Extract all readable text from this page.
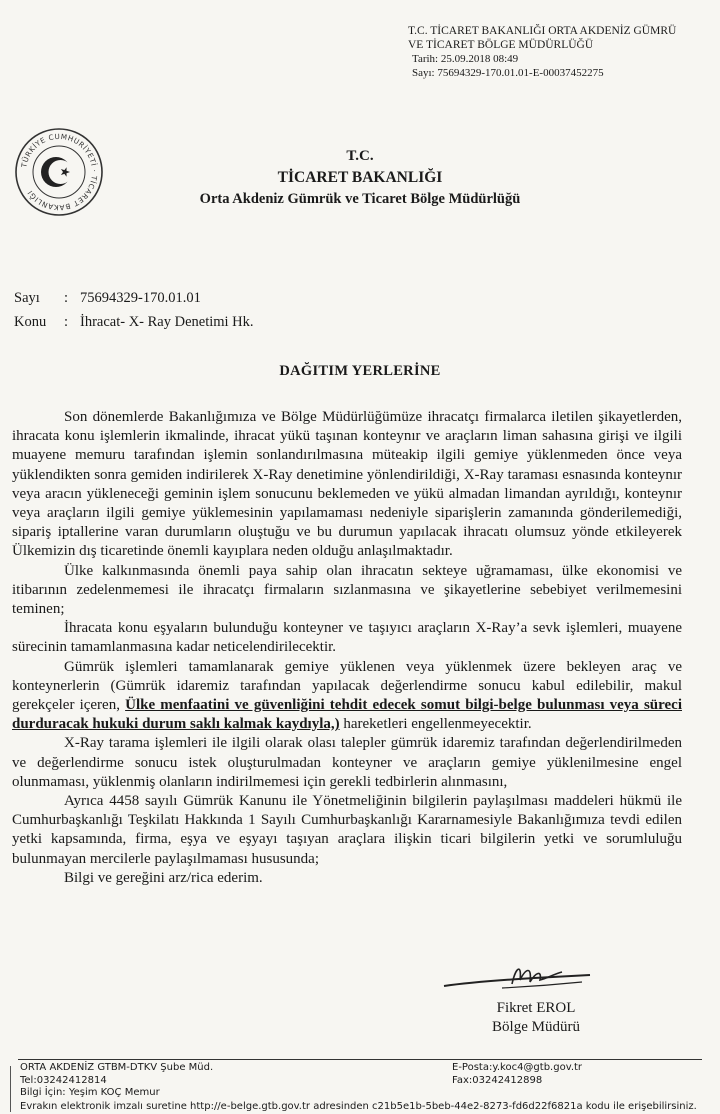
T.C. TİCARET BAKANLIĞI ORTA AKDENİZ GÜMRÜ
VE TİCARET BÖLGE MÜDÜRLÜĞÜ
Tarih: 25.09.2018 08:49
Sayı: 75694329-170.01.01-E-00037452275
TÜRKİYE CUMHURİYETİ · TİCARET BAKANLIĞI
T.C.
TİCARET BAKANLIĞI
Orta Akdeniz Gümrük ve Ticaret Bölge Müdürlüğü
Sayı	: 75694329-170.01.01
Konu	: İhracat- X- Ray Denetimi Hk.
DAĞITIM YERLERİNE

Son dönemlerde Bakanlığımıza ve Bölge Müdürlüğümüze ihracatçı firmalarca iletilen şikayetlerden, ihracata konu işlemlerin ikmalinde, ihracat yükü taşınan konteynır ve araçların liman sahasına girişi ve ilgili muayene memuru tarafından işlemin sonlandırılmasına müteakip ilgili gemiye yüklenmeden önce veya yüklendikten sonra gemiden indirilerek X-Ray denetimine yönlendirildiği, X-Ray taraması esnasında konteynır veya aracın yükleneceği geminin işlem sonucunu beklemeden ve yükü almadan limandan ayrıldığı, konteynır veya araçların ilgili gemiye yüklemesinin yapılamaması nedeniyle siparişlerin zamanında gönderilemediği, sipariş iptallerine varan durumların oluştuğu ve bu durumun yapılacak ihracatı olumsuz yönde etkileyerek Ülkemizin dış ticaretinde önemli kayıplara neden olduğu anlaşılmaktadır.

Ülke kalkınmasında önemli paya sahip olan ihracatın sekteye uğramaması, ülke ekonomisi ve itibarının zedelenmemesi ile ihracatçı firmaların sızlanmasına ve şikayetlerine sebebiyet verilmemesini teminen;

İhracata konu eşyaların bulunduğu konteyner ve taşıyıcı araçların X-Ray’a sevk işlemleri, muayene sürecinin tamamlanmasına kadar neticelendirilecektir.

Gümrük işlemleri tamamlanarak gemiye yüklenen veya yüklenmek üzere bekleyen araç ve konteynerlerin (Gümrük idaremiz tarafından yapılacak değerlendirme sonucu kabul edilebilir, makul gerekçeler içeren, Ülke menfaatini ve güvenliğini tehdit edecek somut bilgi-belge bulunması veya süreci durduracak hukuki durum saklı kalmak kaydıyla,) hareketleri engellenmeyecektir.

X-Ray tarama işlemleri ile ilgili olarak olası talepler gümrük idaremiz tarafından değerlendirilmeden ve değerlendirme sonucu istek oluşturulmadan konteyner ve araçların gemiye yüklenilmesine engel olunmaması, yüklenmiş olanların indirilmemesi için gerekli tedbirlerin alınmasını,

Ayrıca 4458 sayılı Gümrük Kanunu ile Yönetmeliğinin bilgilerin paylaşılması maddeleri hükmü ile Cumhurbaşkanlığı Teşkilatı Hakkında 1 Sayılı Cumhurbaşkanlığı Kararnamesiyle Bakanlığımıza tevdi edilen yetki kapsamında, firma, eşya ve eşyayı taşıyan araçlara ilişkin ticari bilgilerin yetki ve sorumluluğu bulunmayan mercilerle paylaşılmaması hususunda;

Bilgi ve gereğini arz/rica ederim.

Fikret EROL
Bölge Müdürü
ORTA AKDENİZ GTBM-DTKV Şube Müd.
Tel:03242412814
Bilgi İçin: Yeşim KOÇ Memur
E-Posta:y.koc4@gtb.gov.tr
Fax:03242412898
Evrakın elektronik imzalı suretine http://e-belge.gtb.gov.tr adresinden c21b5e1b-5beb-44e2-8273-fd6d22f6821a kodu ile erişebilirsiniz.
